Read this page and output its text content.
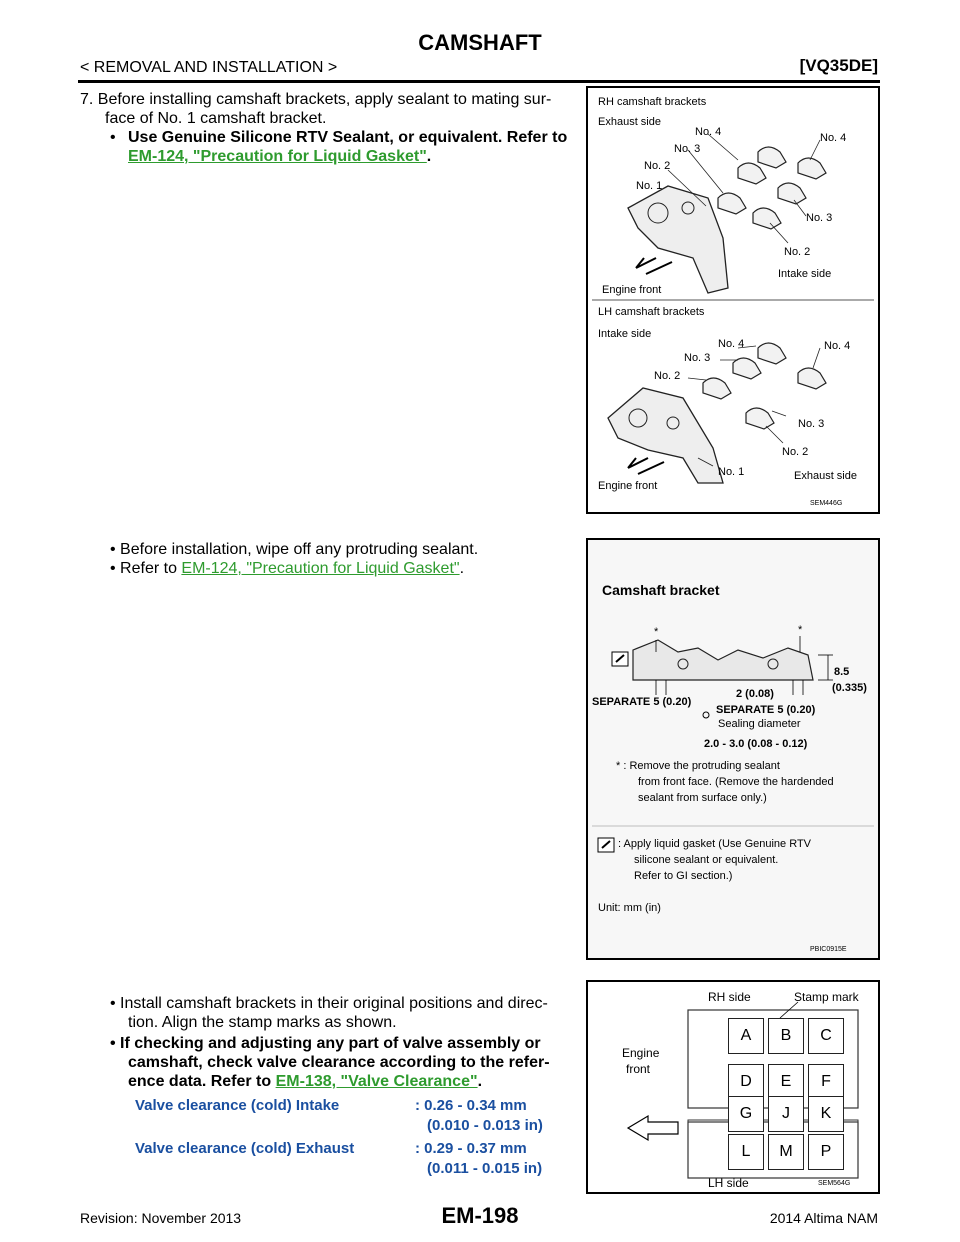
CAMSHAFT
< REMOVAL AND INSTALLATION >	[VQ35DE]
7. Before installing camshaft brackets, apply sealant to mating sur-
face of No. 1 camshaft bracket.
• Use Genuine Silicone RTV Sealant, or equivalent. Refer to
EM-124, "Precaution for Liquid Gasket".
• Before installation, wipe off any protruding sealant.
• Refer to EM-124, "Precaution for Liquid Gasket".
• Install camshaft brackets in their original positions and direc-
tion. Align the stamp marks as shown.
• If checking and adjusting any part of valve assembly or
camshaft, check valve clearance according to the refer-
ence data. Refer to EM-138, "Valve Clearance".
Valve clearance (cold) Intake	: 0.26 - 0.34 mm
(0.010 - 0.013 in)
Valve clearance (cold) Exhaust	: 0.29 - 0.37 mm
(0.011 - 0.015 in)
RH camshaft brackets
Exhaust side
No. 4
No. 3
No. 2
No. 1
No. 4
No. 3
No. 2
Intake side
Engine front
LH camshaft brackets
Intake side
No. 4
No. 3
No. 2
No. 4
No. 3
No. 2
No. 1	Exhaust side
Engine front
SEM446G
Camshaft bracket
*	*
SEPARATE 5 (0.20)
2 (0.08)
8.5
(0.335)
SEPARATE 5 (0.20)
Sealing diameter
2.0 - 3.0 (0.08 - 0.12)
* : Remove the protruding sealant
from front face. (Remove the hardended
sealant from surface only.)
: Apply liquid gasket (Use Genuine RTV
silicone sealant or equivalent.
Refer to GI section.)
Unit: mm (in)
PBIC0915E
RH side	Stamp mark
Engine
front
LH side
A	B	C
D	E	F
G	J	K
L	M	P
SEM564G
Revision: November 2013	EM-198	2014 Altima NAM
